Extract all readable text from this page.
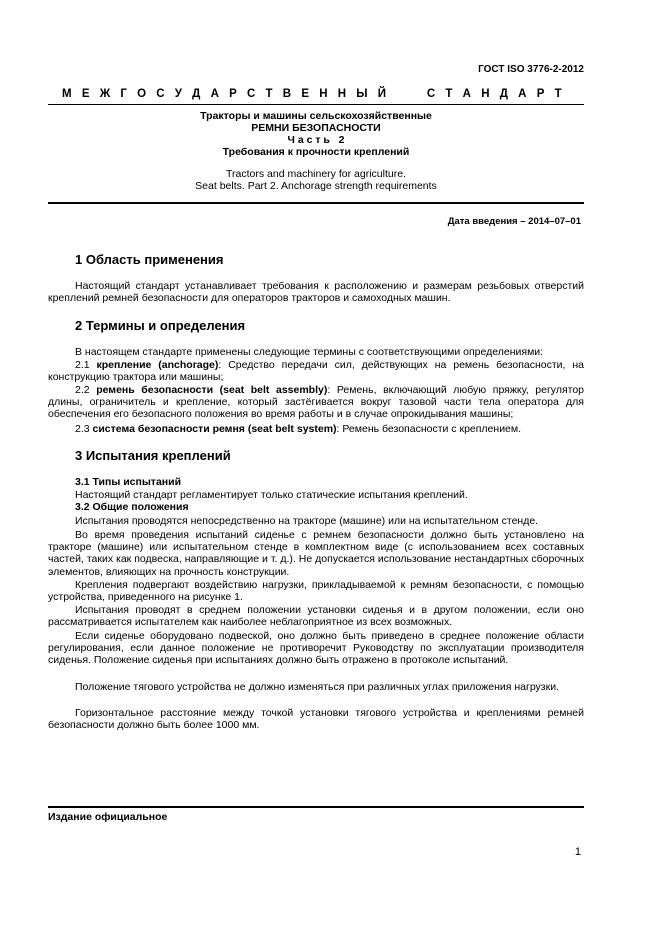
ГОСТ ISO 3776-2-2012
М Е Ж Г О С У Д А Р С Т В Е Н Н Ы Й	С Т А Н Д А Р Т
Тракторы и машины сельскохозяйственные
РЕМНИ БЕЗОПАСНОСТИ
Ч а с т ь   2
Требования к прочности креплений
Tractors and machinery for agriculture.
Seat belts. Part 2. Anchorage strength requirements
Дата введения – 2014–07–01
1 Область применения

Настоящий стандарт устанавливает требования к расположению и размерам резьбовых отверстий креплений ремней безопасности для операторов тракторов и самоходных машин.

2 Термины и определения

В настоящем стандарте применены следующие термины с соответствующими определениями:

2.1 крепление (anchorage): Средство передачи сил, действующих на ремень безопасности, на конструкцию трактора или машины;

2.2 ремень безопасности (seat belt assembly): Ремень, включающий любую пряжку, регулятор длины, ограничитель и крепление, который застёгивается вокруг тазовой части тела оператора для обеспечения его безопасного положения во время работы и в случае опрокидывания машины;

2.3 система безопасности ремня (seat belt system): Ремень безопасности с креплением.

3 Испытания креплений
3.1 Типы испытаний

Настоящий стандарт регламентирует только статические испытания креплений.

3.2 Общие положения

Испытания проводятся непосредственно на тракторе (машине) или на испытательном стенде.

Во время проведения испытаний сиденье с ремнем безопасности должно быть установлено на тракторе (машине) или испытательном стенде в комплектном виде (с использованием всех составных частей, таких как подвеска, направляющие и т. д.). Не допускается использование нестандартных сборочных элементов, влияющих на прочность конструкции.

Крепления подвергают воздействию нагрузки, прикладываемой к ремням безопасности, с помощью устройства, приведенного на рисунке 1.

Испытания проводят в среднем положении установки сиденья и в другом положении, если оно рассматривается испытателем как наиболее неблагоприятное из всех возможных.

Если сиденье оборудовано подвеской, оно должно быть приведено в среднее положение области регулирования, если данное положение не противоречит Руководству по эксплуатации производителя сиденья. Положение сиденья при испытаниях должно быть отражено в протоколе испытаний.

Положение тягового устройства не должно изменяться при различных углах приложения нагрузки.

Горизонтальное расстояние между точкой установки тягового устройства и креплениями ремней безопасности должно быть более 1000 мм.

Издание официальное
1
